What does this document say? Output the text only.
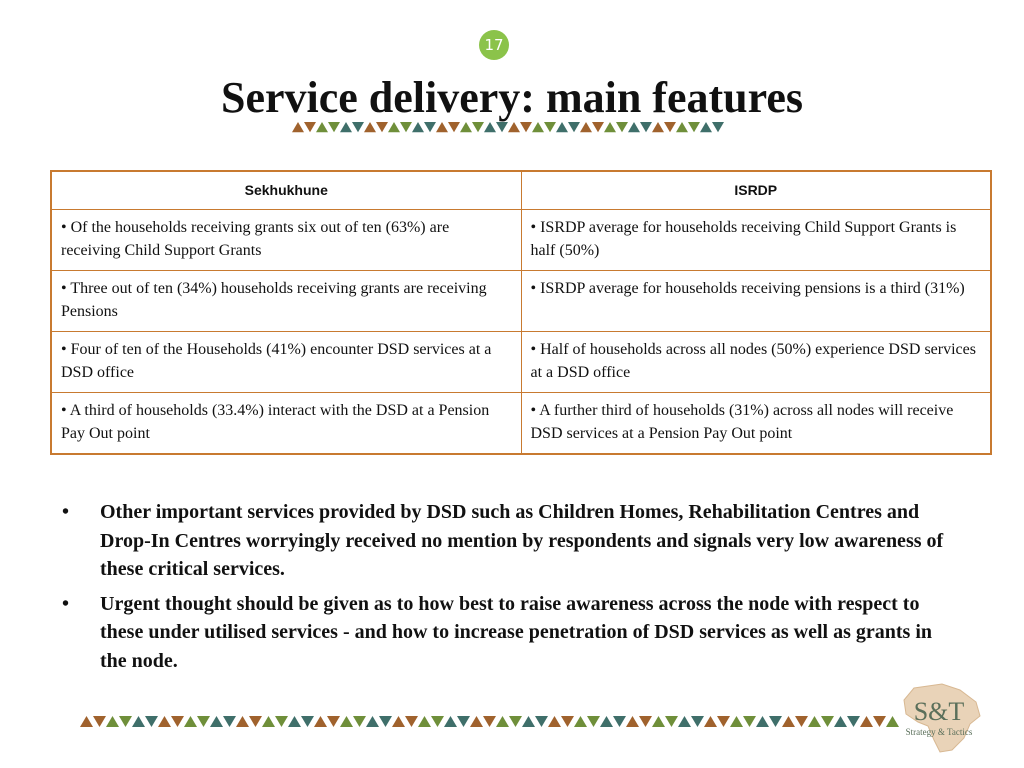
17
Service delivery: main features
Sekhukhune	ISRDP
• Of the households receiving grants six out of ten (63%) are receiving Child Support Grants	• ISRDP average for households receiving Child Support Grants is half (50%)
• Three out of ten (34%) households receiving grants are receiving Pensions	• ISRDP average for households receiving pensions is a third (31%)
• Four of ten of the Households (41%) encounter DSD services at a DSD office	• Half of households across all nodes (50%) experience DSD services at a DSD office
• A third of households (33.4%) interact with the DSD at a Pension Pay Out point	• A further third of households (31%) across all nodes will receive DSD services at a Pension Pay Out point
• Other important services provided by DSD such as Children Homes, Rehabilitation Centres and Drop-In Centres worryingly received no mention by respondents and signals very low awareness of these critical services.
• Urgent thought should be given as to how best to raise awareness across the node with respect to these under utilised services - and how to increase penetration of DSD services as well as grants in the node.
S&T
Strategy & Tactics
